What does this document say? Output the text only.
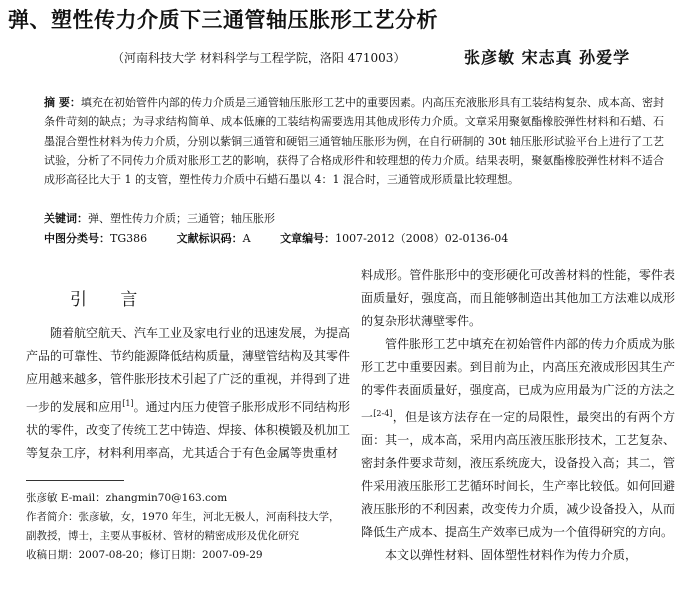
弹、塑性传力介质下三通管轴压胀形工艺分析
（河南科技大学 材料科学与工程学院，洛阳 471003）	张彦敏 宋志真 孙爱学
摘 要：填充在初始管件内部的传力介质是三通管轴压胀形工艺中的重要因素。内高压充液胀形具有工装结构复杂、成本高、密封条件苛刻的缺点；为寻求结构简单、成本低廉的工装结构需要选用其他成形传力介质。文章采用聚氨酯橡胶弹性材料和石蜡、石墨混合塑性材料为传力介质，分别以紫铜三通管和硬铝三通管轴压胀形为例，在自行研制的 30t 轴压胀形试验平台上进行了工艺试验，分析了不同传力介质对胀形工艺的影响，获得了合格成形件和较理想的传力介质。结果表明，聚氨酯橡胶弹性材料不适合成形高径比大于 1 的支管，塑性传力介质中石蜡石墨以 4：1 混合时，三通管成形质量比较理想。
关键词：弹、塑性传力介质；三通管；轴压胀形
中图分类号：TG386	文献标识码：A	文章编号：1007-2012（2008）02-0136-04
引 言

随着航空航天、汽车工业及家电行业的迅速发展，为提高产品的可靠性、节约能源降低结构质量，薄壁管结构及其零件应用越来越多，管件胀形技术引起了广泛的重视，并得到了进一步的发展和应用[1]。通过内压力使管子胀形成形不同结构形状的零件，改变了传统工艺中铸造、焊接、体积模锻及机加工等复杂工序，材料利用率高，尤其适合于有色金属等贵重材

张彦敏 E-mail：zhangmin70@163.com
作者简介：张彦敏，女，1970 年生，河北无极人，河南科技大学，副教授，博士，主要从事板材、管材的精密成形及优化研究
收稿日期：2007-08-20；修订日期：2007-09-29

料成形。管件胀形中的变形硬化可改善材料的性能，零件表面质量好，强度高，而且能够制造出其他加工方法难以成形的复杂形状薄壁零件。

管件胀形工艺中填充在初始管件内部的传力介质成为胀形工艺中重要因素。到目前为止，内高压充液成形因其生产的零件表面质量好，强度高，已成为应用最为广泛的方法之一[2-4]，但是该方法存在一定的局限性，最突出的有两个方面：其一，成本高，采用内高压液压胀形技术，工艺复杂、密封条件要求苛刻，液压系统庞大，设备投入高；其二，管件采用液压胀形工艺循环时间长，生产率比较低。如何回避液压胀形的不利因素，改变传力介质，减少设备投入，从而降低生产成本、提高生产效率已成为一个值得研究的方向。

本文以弹性材料、固体塑性材料作为传力介质，
